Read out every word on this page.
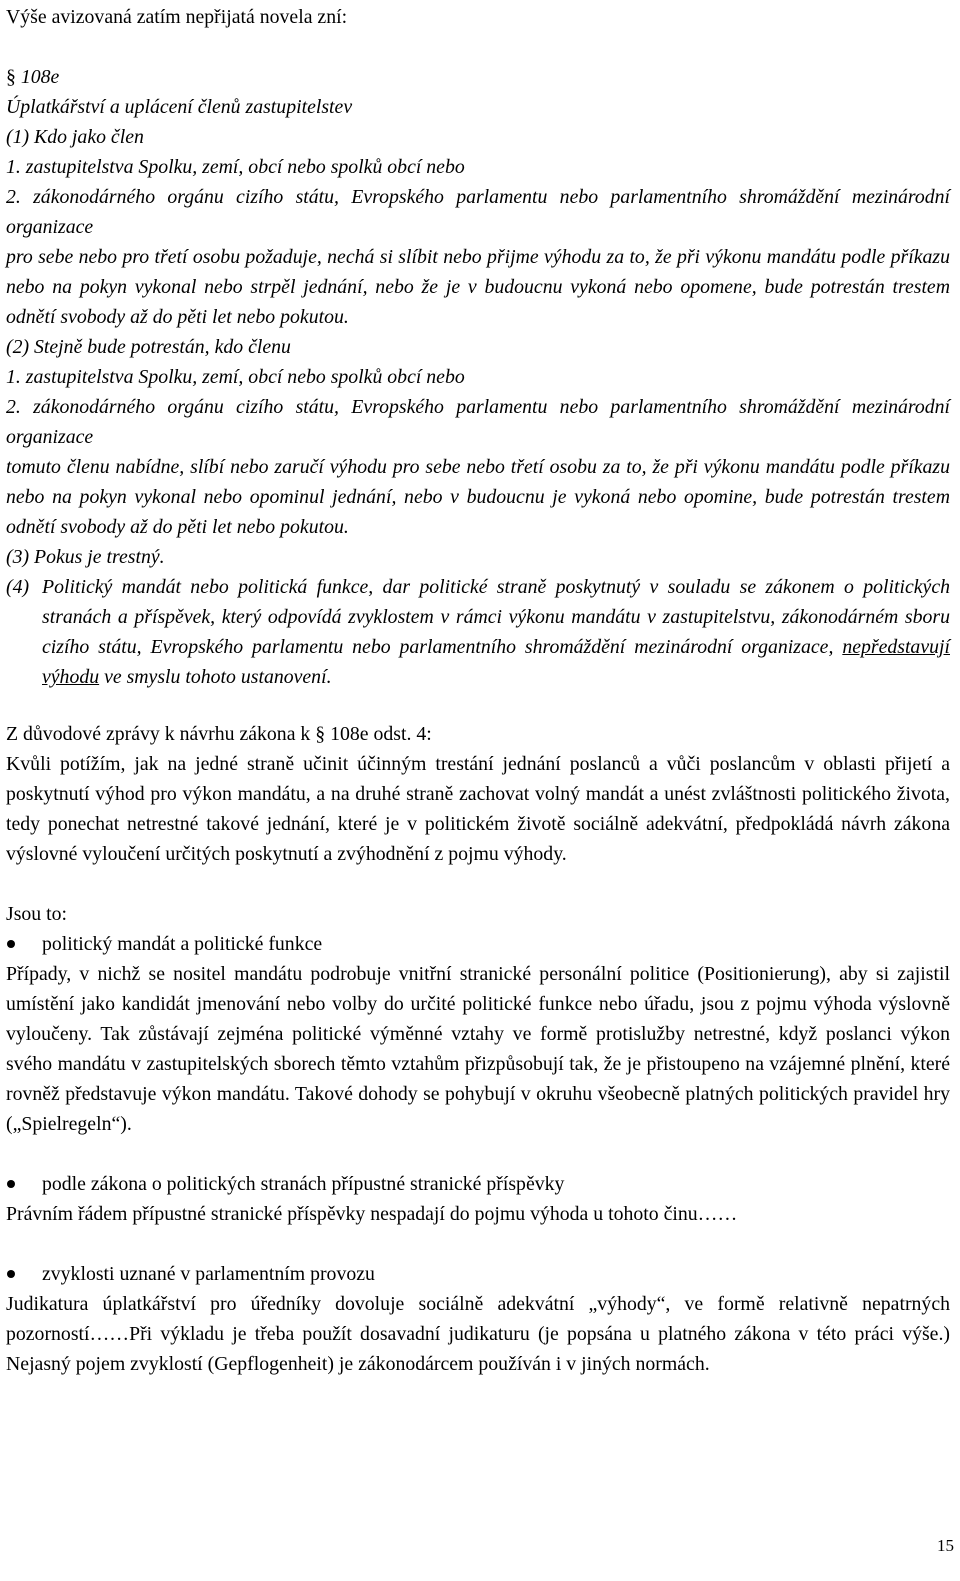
Výše avizovaná zatím nepřijatá novela zní:

§ 108e

Úplatkářství a uplácení členů zastupitelstev

(1) Kdo jako člen

1. zastupitelstva Spolku, zemí, obcí nebo spolků obcí nebo

2. zákonodárného orgánu cizího státu, Evropského parlamentu nebo parlamentního shromáždění mezinárodní organizace

pro sebe nebo pro třetí osobu požaduje, nechá si slíbit nebo přijme výhodu za to, že při výkonu mandátu podle příkazu nebo na pokyn vykonal nebo strpěl jednání, nebo že je v budoucnu vykoná nebo opomene, bude potrestán trestem odnětí svobody až do pěti let nebo pokutou.

(2) Stejně bude potrestán, kdo členu

1. zastupitelstva Spolku, zemí, obcí nebo spolků obcí nebo

2. zákonodárného orgánu cizího státu, Evropského parlamentu nebo parlamentního shromáždění mezinárodní organizace

tomuto členu nabídne, slíbí nebo zaručí výhodu pro sebe nebo třetí osobu za to, že při výkonu mandátu podle příkazu nebo na pokyn vykonal nebo opominul jednání, nebo v budoucnu je vykoná nebo opomine, bude potrestán trestem odnětí svobody až do pěti let nebo pokutou.

(3) Pokus je trestný.

(4) Politický mandát nebo politická funkce, dar politické straně poskytnutý v souladu se zákonem o politických stranách a příspěvek, který odpovídá zvyklostem v rámci výkonu mandátu v zastupitelstvu, zákonodárném sboru cizího státu, Evropského parlamentu nebo parlamentního shromáždění mezinárodní organizace, nepředstavují výhodu ve smyslu tohoto ustanovení.

Z důvodové zprávy k návrhu zákona k § 108e odst. 4:

Kvůli potížím, jak na jedné straně učinit účinným trestání jednání poslanců a vůči poslancům v oblasti přijetí a poskytnutí výhod pro výkon mandátu, a na druhé straně zachovat volný mandát a unést zvláštnosti politického života, tedy ponechat netrestné takové jednání, které je v politickém životě sociálně adekvátní, předpokládá návrh zákona výslovné vyloučení určitých poskytnutí a zvýhodnění z pojmu výhody.

Jsou to:

politický mandát a politické funkce

Případy, v nichž se nositel mandátu podrobuje vnitřní stranické personální politice (Positionierung), aby si zajistil umístění jako kandidát jmenování nebo volby do určité politické funkce nebo úřadu, jsou z pojmu výhoda výslovně vyloučeny. Tak zůstávají zejména politické výměnné vztahy ve formě protislužby netrestné, když poslanci výkon svého mandátu v zastupitelských sborech těmto vztahům přizpůsobují tak, že je přistoupeno na vzájemné plnění, které rovněž představuje výkon mandátu. Takové dohody se pohybují v okruhu všeobecně platných politických pravidel hry („Spielregeln“).

podle zákona o politických stranách přípustné stranické příspěvky

Právním řádem přípustné stranické příspěvky nespadají do pojmu výhoda u tohoto činu……

zvyklosti uznané v parlamentním provozu

Judikatura úplatkářství pro úředníky dovoluje sociálně adekvátní „výhody“, ve formě relativně nepatrných pozorností……Při výkladu je třeba použít dosavadní judikaturu (je popsána u platného zákona v této práci výše.) Nejasný pojem zvyklostí (Gepflogenheit) je zákonodárcem používán i v jiných normách.

15
